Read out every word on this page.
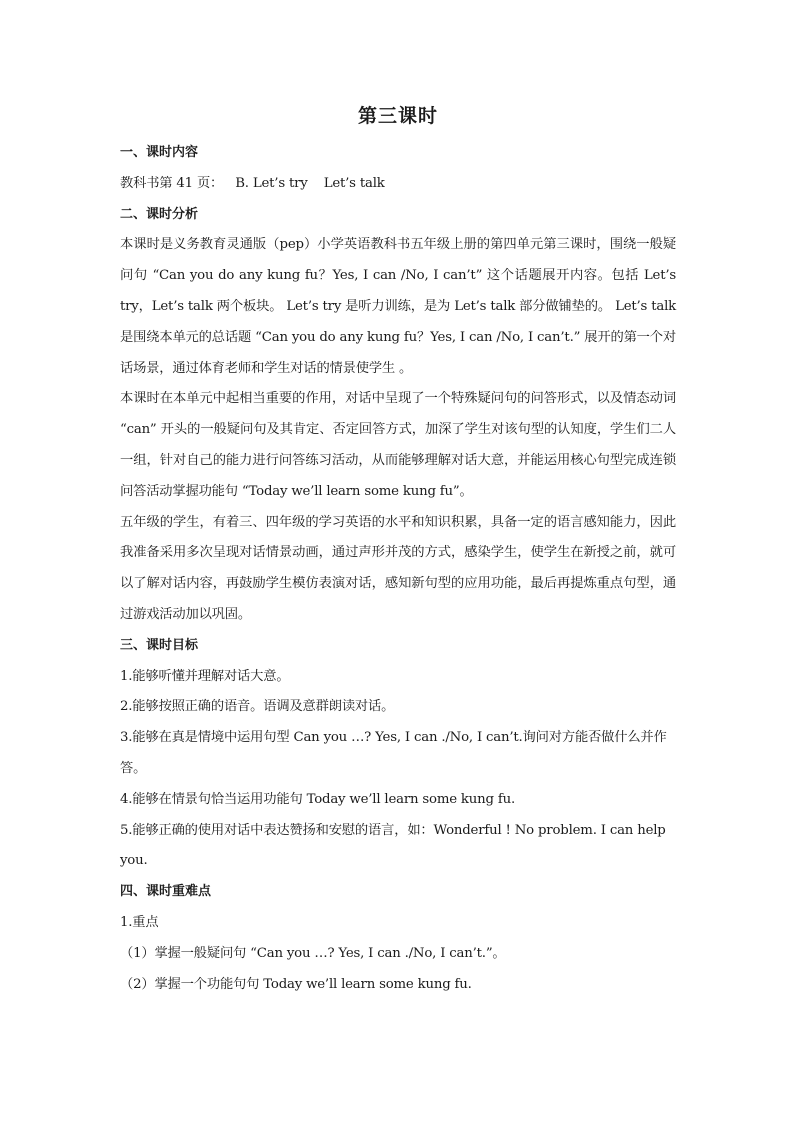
第三课时
一、课时内容

教科书第 41 页：   B. Let’s try    Let’s talk

二、课时分析

本课时是义务教育灵通版（pep）小学英语教科书五年级上册的第四单元第三课时，围绕一般疑问句 “Can you do any kung fu？Yes, I can /No, I can’t” 这个话题展开内容。包括 Let’s try，Let’s talk 两个板块。 Let’s try 是听力训练，是为 Let’s talk 部分做铺垫的。 Let’s talk 是围绕本单元的总话题 “Can you do any kung fu？Yes, I can /No, I can’t.” 展开的第一个对话场景，通过体育老师和学生对话的情景使学生 。

本课时在本单元中起相当重要的作用，对话中呈现了一个特殊疑问句的问答形式，以及情态动词 “can” 开头的一般疑问句及其肯定、否定回答方式，加深了学生对该句型的认知度，学生们二人一组，针对自己的能力进行问答练习活动，从而能够理解对话大意，并能运用核心句型完成连锁问答活动掌握功能句 “Today we’ll learn some kung fu”。

五年级的学生，有着三、四年级的学习英语的水平和知识积累，具备一定的语言感知能力，因此我准备采用多次呈现对话情景动画，通过声形并茂的方式，感染学生，使学生在新授之前，就可以了解对话内容，再鼓励学生模仿表演对话，感知新句型的应用功能，最后再提炼重点句型，通过游戏活动加以巩固。

三、课时目标

1.能够听懂并理解对话大意。

2.能够按照正确的语音。语调及意群朗读对话。

3.能够在真是情境中运用句型 Can you …? Yes, I can ./No, I can’t.询问对方能否做什么并作答。

4.能够在情景句恰当运用功能句 Today we’ll learn some kung fu.

5.能够正确的使用对话中表达赞扬和安慰的语言，如：Wonderful ! No problem. I can help you.

四、课时重难点

1.重点

（1）掌握一般疑问句 “Can you …? Yes, I can ./No, I can’t.”。

（2）掌握一个功能句句 Today we’ll learn some kung fu.
